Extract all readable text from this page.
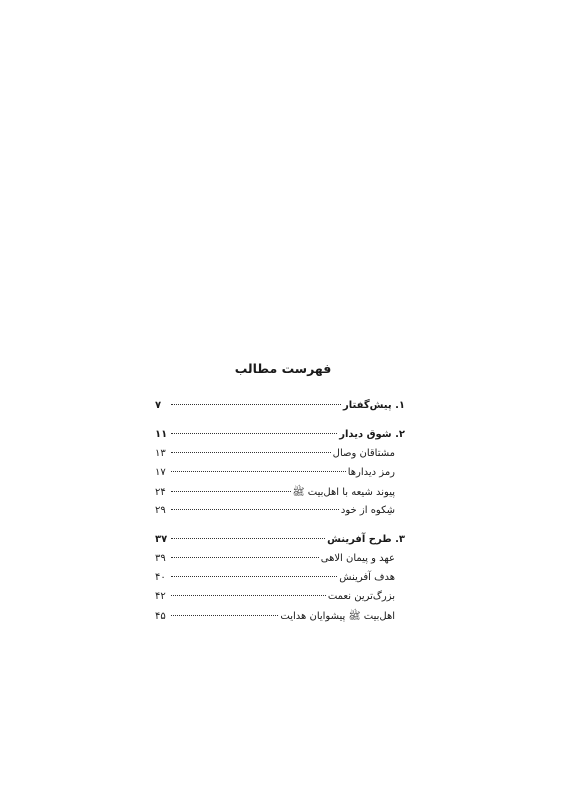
فهرست مطالب
۱. پیش‌گفتار
۷
۲. شوق دیدار
۱۱
مشتاقان وصال
۱۳
رمز دیدارها
۱۷
پیوند شیعه با اهل‌بیت ﷺ
۲۴
شِکوه از خود
۲۹
۳. طرح آفرینش
۳۷
عهد و پیمان الاهی
۳۹
هدف آفرینش
۴۰
بزرگ‌ترین نعمت
۴۲
اهل‌بیت ﷺ پیشوایان هدایت
۴۵
